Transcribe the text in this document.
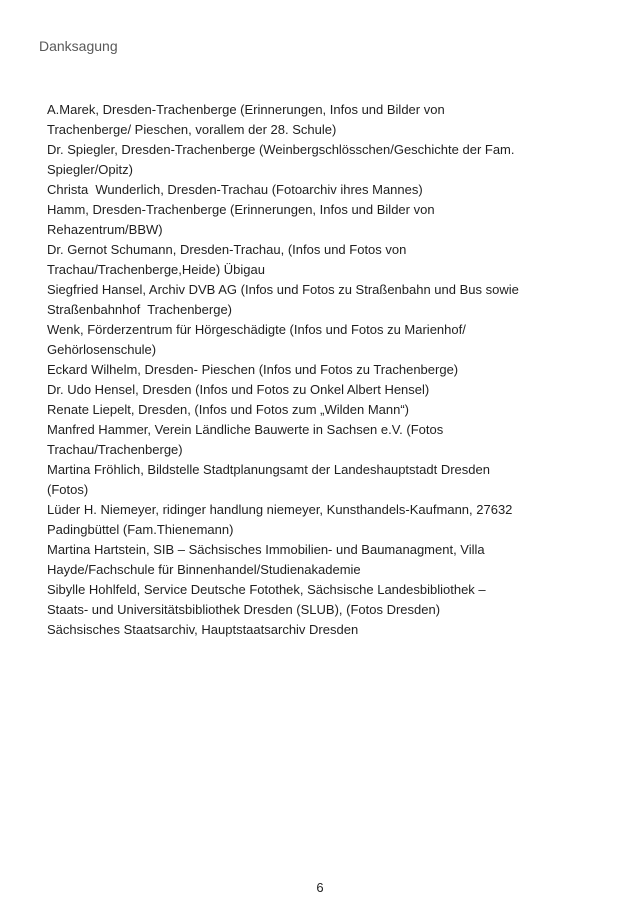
Danksagung
A.Marek, Dresden-Trachenberge (Erinnerungen, Infos und Bilder von
Trachenberge/ Pieschen, vorallem der 28. Schule)
Dr. Spiegler, Dresden-Trachenberge (Weinbergschlösschen/Geschichte der Fam.
Spiegler/Opitz)
Christa  Wunderlich, Dresden-Trachau (Fotoarchiv ihres Mannes)
Hamm, Dresden-Trachenberge (Erinnerungen, Infos und Bilder von
Rehazentrum/BBW)
Dr. Gernot Schumann, Dresden-Trachau, (Infos und Fotos von
Trachau/Trachenberge,Heide) Übigau
Siegfried Hansel, Archiv DVB AG (Infos und Fotos zu Straßenbahn und Bus sowie
Straßenbahnhof  Trachenberge)
Wenk, Förderzentrum für Hörgeschädigte (Infos und Fotos zu Marienhof/
Gehörlosenschule)
Eckard Wilhelm, Dresden- Pieschen (Infos und Fotos zu Trachenberge)
Dr. Udo Hensel, Dresden (Infos und Fotos zu Onkel Albert Hensel)
Renate Liepelt, Dresden, (Infos und Fotos zum „Wilden Mann“)
Manfred Hammer, Verein Ländliche Bauwerte in Sachsen e.V. (Fotos
Trachau/Trachenberge)
Martina Fröhlich, Bildstelle Stadtplanungsamt der Landeshauptstadt Dresden
(Fotos)
Lüder H. Niemeyer, ridinger handlung niemeyer, Kunsthandels-Kaufmann, 27632
Padingbüttel (Fam.Thienemann)
Martina Hartstein, SIB – Sächsisches Immobilien- und Baumanagment, Villa
Hayde/Fachschule für Binnenhandel/Studienakademie
Sibylle Hohlfeld, Service Deutsche Fotothek, Sächsische Landesbibliothek –
Staats- und Universitätsbibliothek Dresden (SLUB), (Fotos Dresden)
Sächsisches Staatsarchiv, Hauptstaatsarchiv Dresden
6
